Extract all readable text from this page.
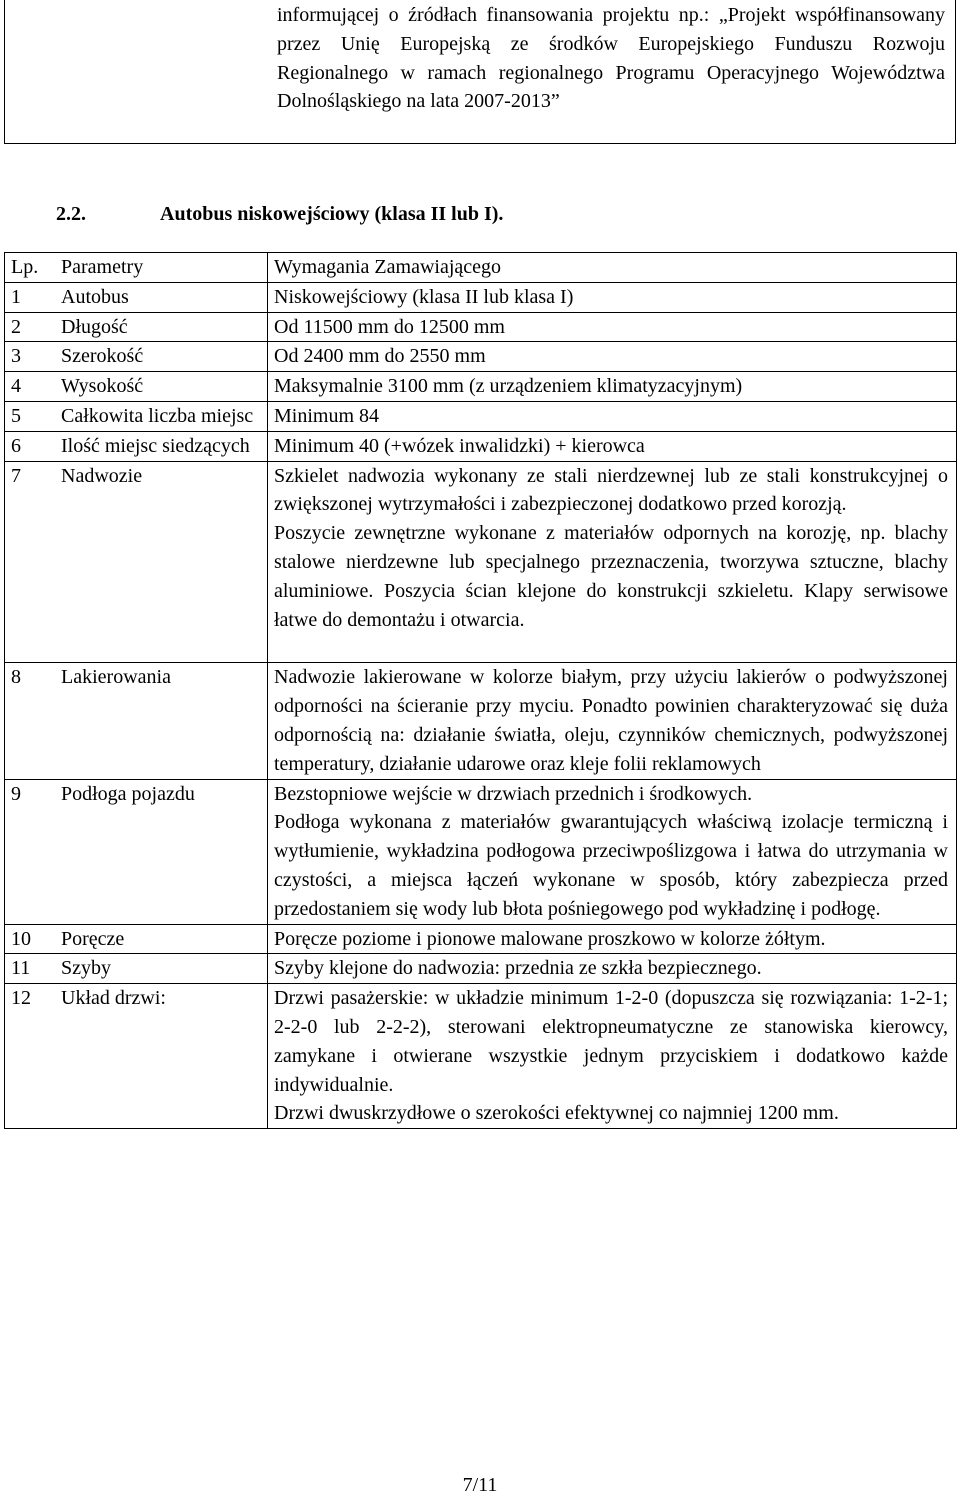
informującej o źródłach finansowania projektu np.: „Projekt współfinansowany przez Unię Europejską ze środków Europejskiego Funduszu Rozwoju Regionalnego w ramach regionalnego Programu Operacyjnego Województwa Dolnośląskiego na lata 2007-2013”
2.2.	Autobus niskowejściowy (klasa II lub I).
Lp. Parametry	Wymagania Zamawiającego
1 Autobus	Niskowejściowy (klasa II lub klasa I)

2 Długość	Od 11500 mm do 12500 mm

3 Szerokość	Od 2400 mm do 2550 mm

4 Wysokość	Maksymalnie 3100 mm (z urządzeniem klimatyzacyjnym)

5 Całkowita liczba miejsc	Minimum 84

6 Ilość miejsc siedzących	Minimum 40 (+wózek inwalidzki) + kierowca

7 Nadwozie	Szkielet nadwozia wykonany ze stali nierdzewnej lub ze stali konstrukcyjnej o zwiększonej wytrzymałości i zabezpieczonej dodatkowo przed korozją.

Poszycie zewnętrzne wykonane z materiałów odpornych na korozję, np. blachy stalowe nierdzewne lub specjalnego przeznaczenia, tworzywa sztuczne, blachy aluminiowe. Poszycia ścian klejone do konstrukcji szkieletu. Klapy serwisowe łatwe do demontażu i otwarcia.

8 Lakierowania	Nadwozie lakierowane w kolorze białym, przy użyciu lakierów o podwyższonej odporności na ścieranie przy myciu. Ponadto powinien charakteryzować się duża odpornością na: działanie światła, oleju, czynników chemicznych, podwyższonej temperatury, działanie udarowe oraz kleje folii reklamowych

9 Podłoga pojazdu	Bezstopniowe wejście w drzwiach przednich i środkowych.

Podłoga wykonana z materiałów gwarantujących właściwą izolacje termiczną i wytłumienie, wykładzina podłogowa przeciwpoślizgowa i łatwa do utrzymania w czystości, a miejsca łączeń wykonane w sposób, który zabezpiecza przed przedostaniem się wody lub błota pośniegowego pod wykładzinę i podłogę.

10 Poręcze	Poręcze poziome i pionowe malowane proszkowo w kolorze żółtym.

11 Szyby	Szyby klejone do nadwozia: przednia ze szkła bezpiecznego.

12 Układ drzwi:	Drzwi pasażerskie: w układzie minimum 1-2-0 (dopuszcza się rozwiązania: 1-2-1; 2-2-0 lub 2-2-2), sterowani elektropneumatyczne ze stanowiska kierowcy, zamykane i otwierane wszystkie jednym przyciskiem i dodatkowo każde indywidualnie.

Drzwi dwuskrzydłowe o szerokości efektywnej co najmniej 1200 mm.

7/11
